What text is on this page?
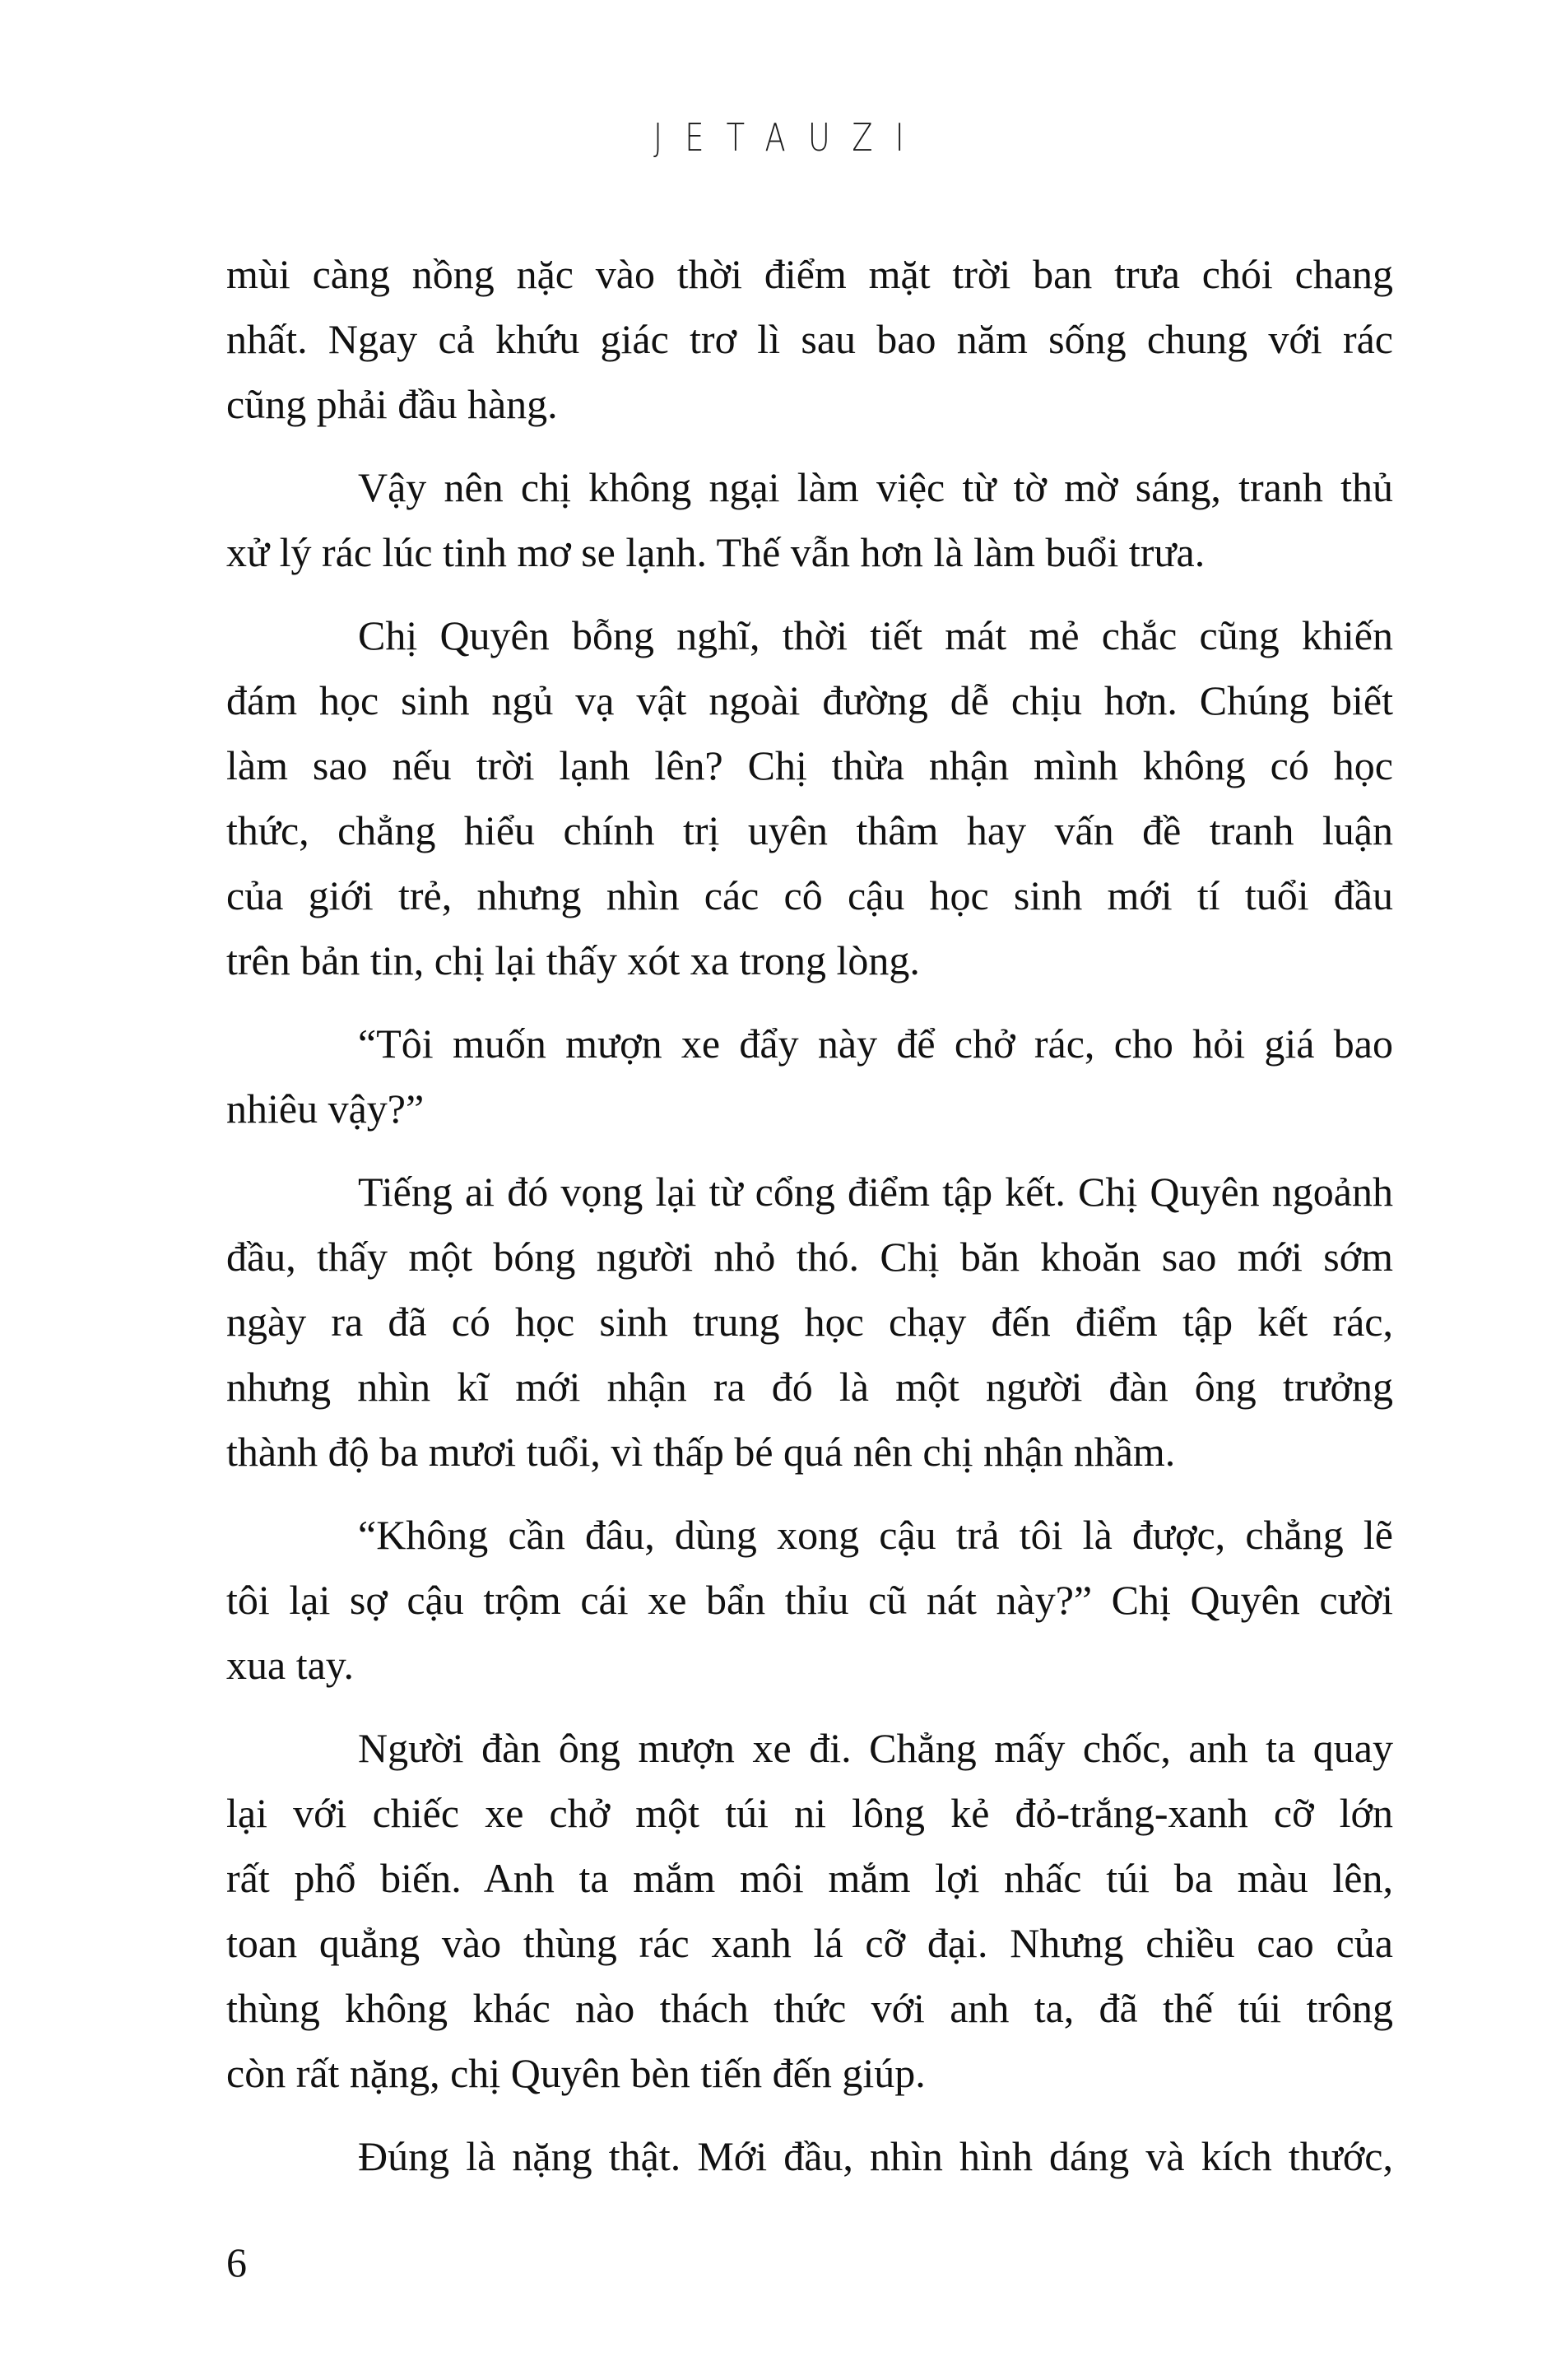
JETAUZI
mùi càng nồng nặc vào thời điểm mặt trời ban trưa chói chang
nhất. Ngay cả khứu giác trơ lì sau bao năm sống chung với rác
cũng phải đầu hàng.
Vậy nên chị không ngại làm việc từ tờ mờ sáng, tranh thủ
xử lý rác lúc tinh mơ se lạnh. Thế vẫn hơn là làm buổi trưa.
Chị Quyên bỗng nghĩ, thời tiết mát mẻ chắc cũng khiến
đám học sinh ngủ vạ vật ngoài đường dễ chịu hơn. Chúng biết
làm sao nếu trời lạnh lên? Chị thừa nhận mình không có học
thức, chẳng hiểu chính trị uyên thâm hay vấn đề tranh luận
của giới trẻ, nhưng nhìn các cô cậu học sinh mới tí tuổi đầu
trên bản tin, chị lại thấy xót xa trong lòng.
“Tôi muốn mượn xe đẩy này để chở rác, cho hỏi giá bao
nhiêu vậy?”
Tiếng ai đó vọng lại từ cổng điểm tập kết. Chị Quyên ngoảnh
đầu, thấy một bóng người nhỏ thó. Chị băn khoăn sao mới sớm
ngày ra đã có học sinh trung học chạy đến điểm tập kết rác,
nhưng nhìn kĩ mới nhận ra đó là một người đàn ông trưởng
thành độ ba mươi tuổi, vì thấp bé quá nên chị nhận nhầm.
“Không cần đâu, dùng xong cậu trả tôi là được, chẳng lẽ
tôi lại sợ cậu trộm cái xe bẩn thỉu cũ nát này?” Chị Quyên cười
xua tay.
Người đàn ông mượn xe đi. Chẳng mấy chốc, anh ta quay
lại với chiếc xe chở một túi ni lông kẻ đỏ-trắng-xanh cỡ lớn
rất phổ biến. Anh ta mắm môi mắm lợi nhấc túi ba màu lên,
toan quẳng vào thùng rác xanh lá cỡ đại. Nhưng chiều cao của
thùng không khác nào thách thức với anh ta, đã thế túi trông
còn rất nặng, chị Quyên bèn tiến đến giúp.
Đúng là nặng thật. Mới đầu, nhìn hình dáng và kích thước,
6
